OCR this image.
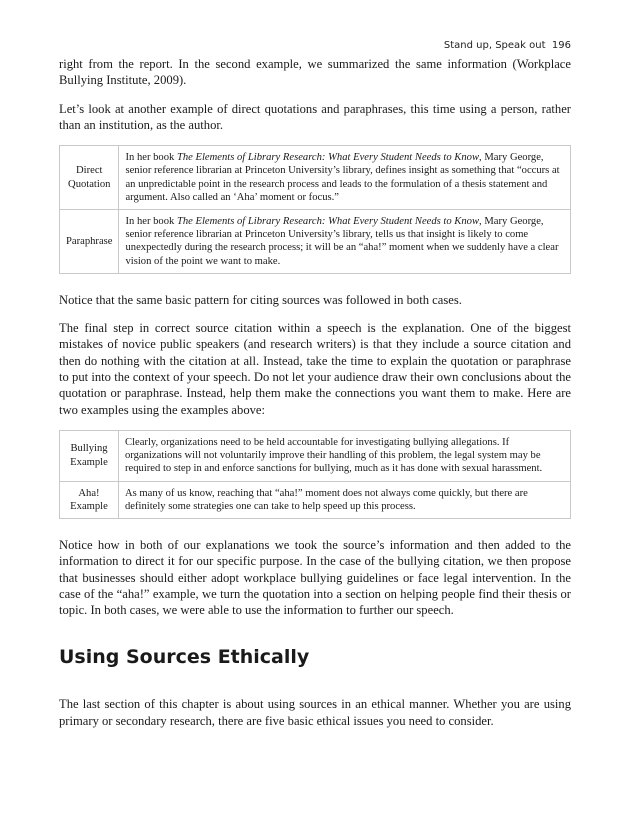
Stand up, Speak out 196

right from the report. In the second example, we summarized the same information (Workplace Bullying Institute, 2009).

Let’s look at another example of direct quotations and paraphrases, this time using a person, rather than an institution, as the author.

Direct Quotation	In her book The Elements of Library Research: What Every Student Needs to Know, Mary George, senior reference librarian at Princeton University’s library, defines insight as something that “occurs at an unpredictable point in the research process and leads to the formulation of a thesis statement and argument. Also called an ‘Aha’ moment or focus.”
Paraphrase	In her book The Elements of Library Research: What Every Student Needs to Know, Mary George, senior reference librarian at Princeton University’s library, tells us that insight is likely to come unexpectedly during the research process; it will be an “aha!” moment when we suddenly have a clear vision of the point we want to make.

Notice that the same basic pattern for citing sources was followed in both cases.

The final step in correct source citation within a speech is the explanation. One of the biggest mistakes of novice public speakers (and research writers) is that they include a source citation and then do nothing with the citation at all. Instead, take the time to explain the quotation or paraphrase to put into the context of your speech. Do not let your audience draw their own conclusions about the quotation or paraphrase. Instead, help them make the connections you want them to make. Here are two examples using the examples above:

Bullying Example	Clearly, organizations need to be held accountable for investigating bullying allegations. If organizations will not voluntarily improve their handling of this problem, the legal system may be required to step in and enforce sanctions for bullying, much as it has done with sexual harassment.
Aha! Example	As many of us know, reaching that “aha!” moment does not always come quickly, but there are definitely some strategies one can take to help speed up this process.

Notice how in both of our explanations we took the source’s information and then added to the information to direct it for our specific purpose. In the case of the bullying citation, we then propose that businesses should either adopt workplace bullying guidelines or face legal intervention. In the case of the “aha!” example, we turn the quotation into a section on helping people find their thesis or topic. In both cases, we were able to use the information to further our speech.

Using Sources Ethically

The last section of this chapter is about using sources in an ethical manner. Whether you are using primary or secondary research, there are five basic ethical issues you need to consider.
